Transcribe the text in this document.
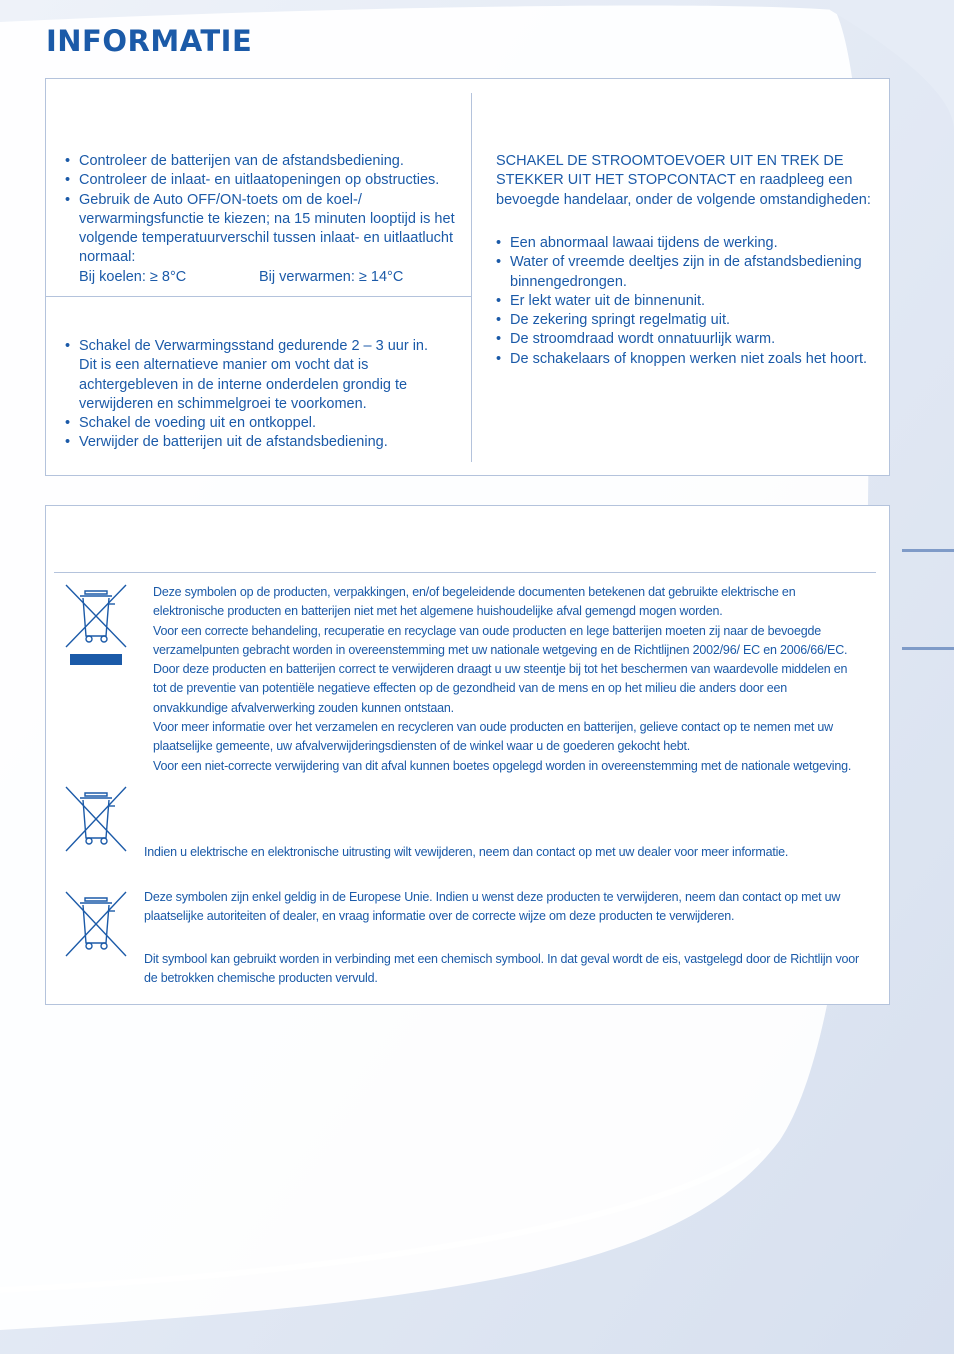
INFORMATIE
• Controleer de batterijen van de afstandsbediening.
• Controleer de inlaat- en uitlaatopeningen op obstructies.
• Gebruik de Auto OFF/ON-toets om de koel-/ verwarmingsfunctie te kiezen; na 15 minuten looptijd is het volgende temperatuurverschil tussen inlaat- en uitlaatlucht normaal:
Bij koelen: ≥ 8°C	Bij verwarmen: ≥ 14°C
• Schakel de Verwarmingsstand gedurende 2 – 3 uur in. Dit is een alternatieve manier om vocht dat is achtergebleven in de interne onderdelen grondig te verwijderen en schimmelgroei te voorkomen.
• Schakel de voeding uit en ontkoppel.
• Verwijder de batterijen uit de afstandsbediening.
SCHAKEL DE STROOMTOEVOER UIT EN TREK DE STEKKER UIT HET STOPCONTACT en raadpleeg een bevoegde handelaar, onder de volgende omstandigheden:
• Een abnormaal lawaai tijdens de werking.
• Water of vreemde deeltjes zijn in de afstandsbediening binnengedrongen.
• Er lekt water uit de binnenunit.
• De zekering springt regelmatig uit.
• De stroomdraad wordt onnatuurlijk warm.
• De schakelaars of knoppen werken niet zoals het hoort.

Deze symbolen op de producten, verpakkingen, en/of begeleidende documenten betekenen dat gebruikte elektrische en elektronische producten en batterijen niet met het algemene huishoudelijke afval gemengd mogen worden.

Voor een correcte behandeling, recuperatie en recyclage van oude producten en lege batterijen moeten zij naar de bevoegde verzamelpunten gebracht worden in overeenstemming met uw nationale wetgeving en de Richtlijnen 2002/96/ EC en 2006/66/EC.

Door deze producten en batterijen correct te verwijderen draagt u uw steentje bij tot het beschermen van waardevolle middelen en tot de preventie van potentiële negatieve effecten op de gezondheid van de mens en op het milieu die anders door een onvakkundige afvalverwerking zouden kunnen ontstaan.

Voor meer informatie over het verzamelen en recycleren van oude producten en batterijen, gelieve contact op te nemen met uw plaatselijke gemeente, uw afvalverwijderingsdiensten of de winkel waar u de goederen gekocht hebt.

Voor een niet-correcte verwijdering van dit afval kunnen boetes opgelegd worden in overeenstemming met de nationale wetgeving.

Indien u elektrische en elektronische uitrusting wilt vewijderen, neem dan contact op met uw dealer voor meer informatie.

Deze symbolen zijn enkel geldig in de Europese Unie. Indien u wenst deze producten te verwijderen, neem dan contact op met uw plaatselijke autoriteiten of dealer, en vraag informatie over de correcte wijze om deze producten te verwijderen.

Dit symbool kan gebruikt worden in verbinding met een chemisch symbool. In dat geval wordt de eis, vastgelegd door de Richtlijn voor de betrokken chemische producten vervuld.
